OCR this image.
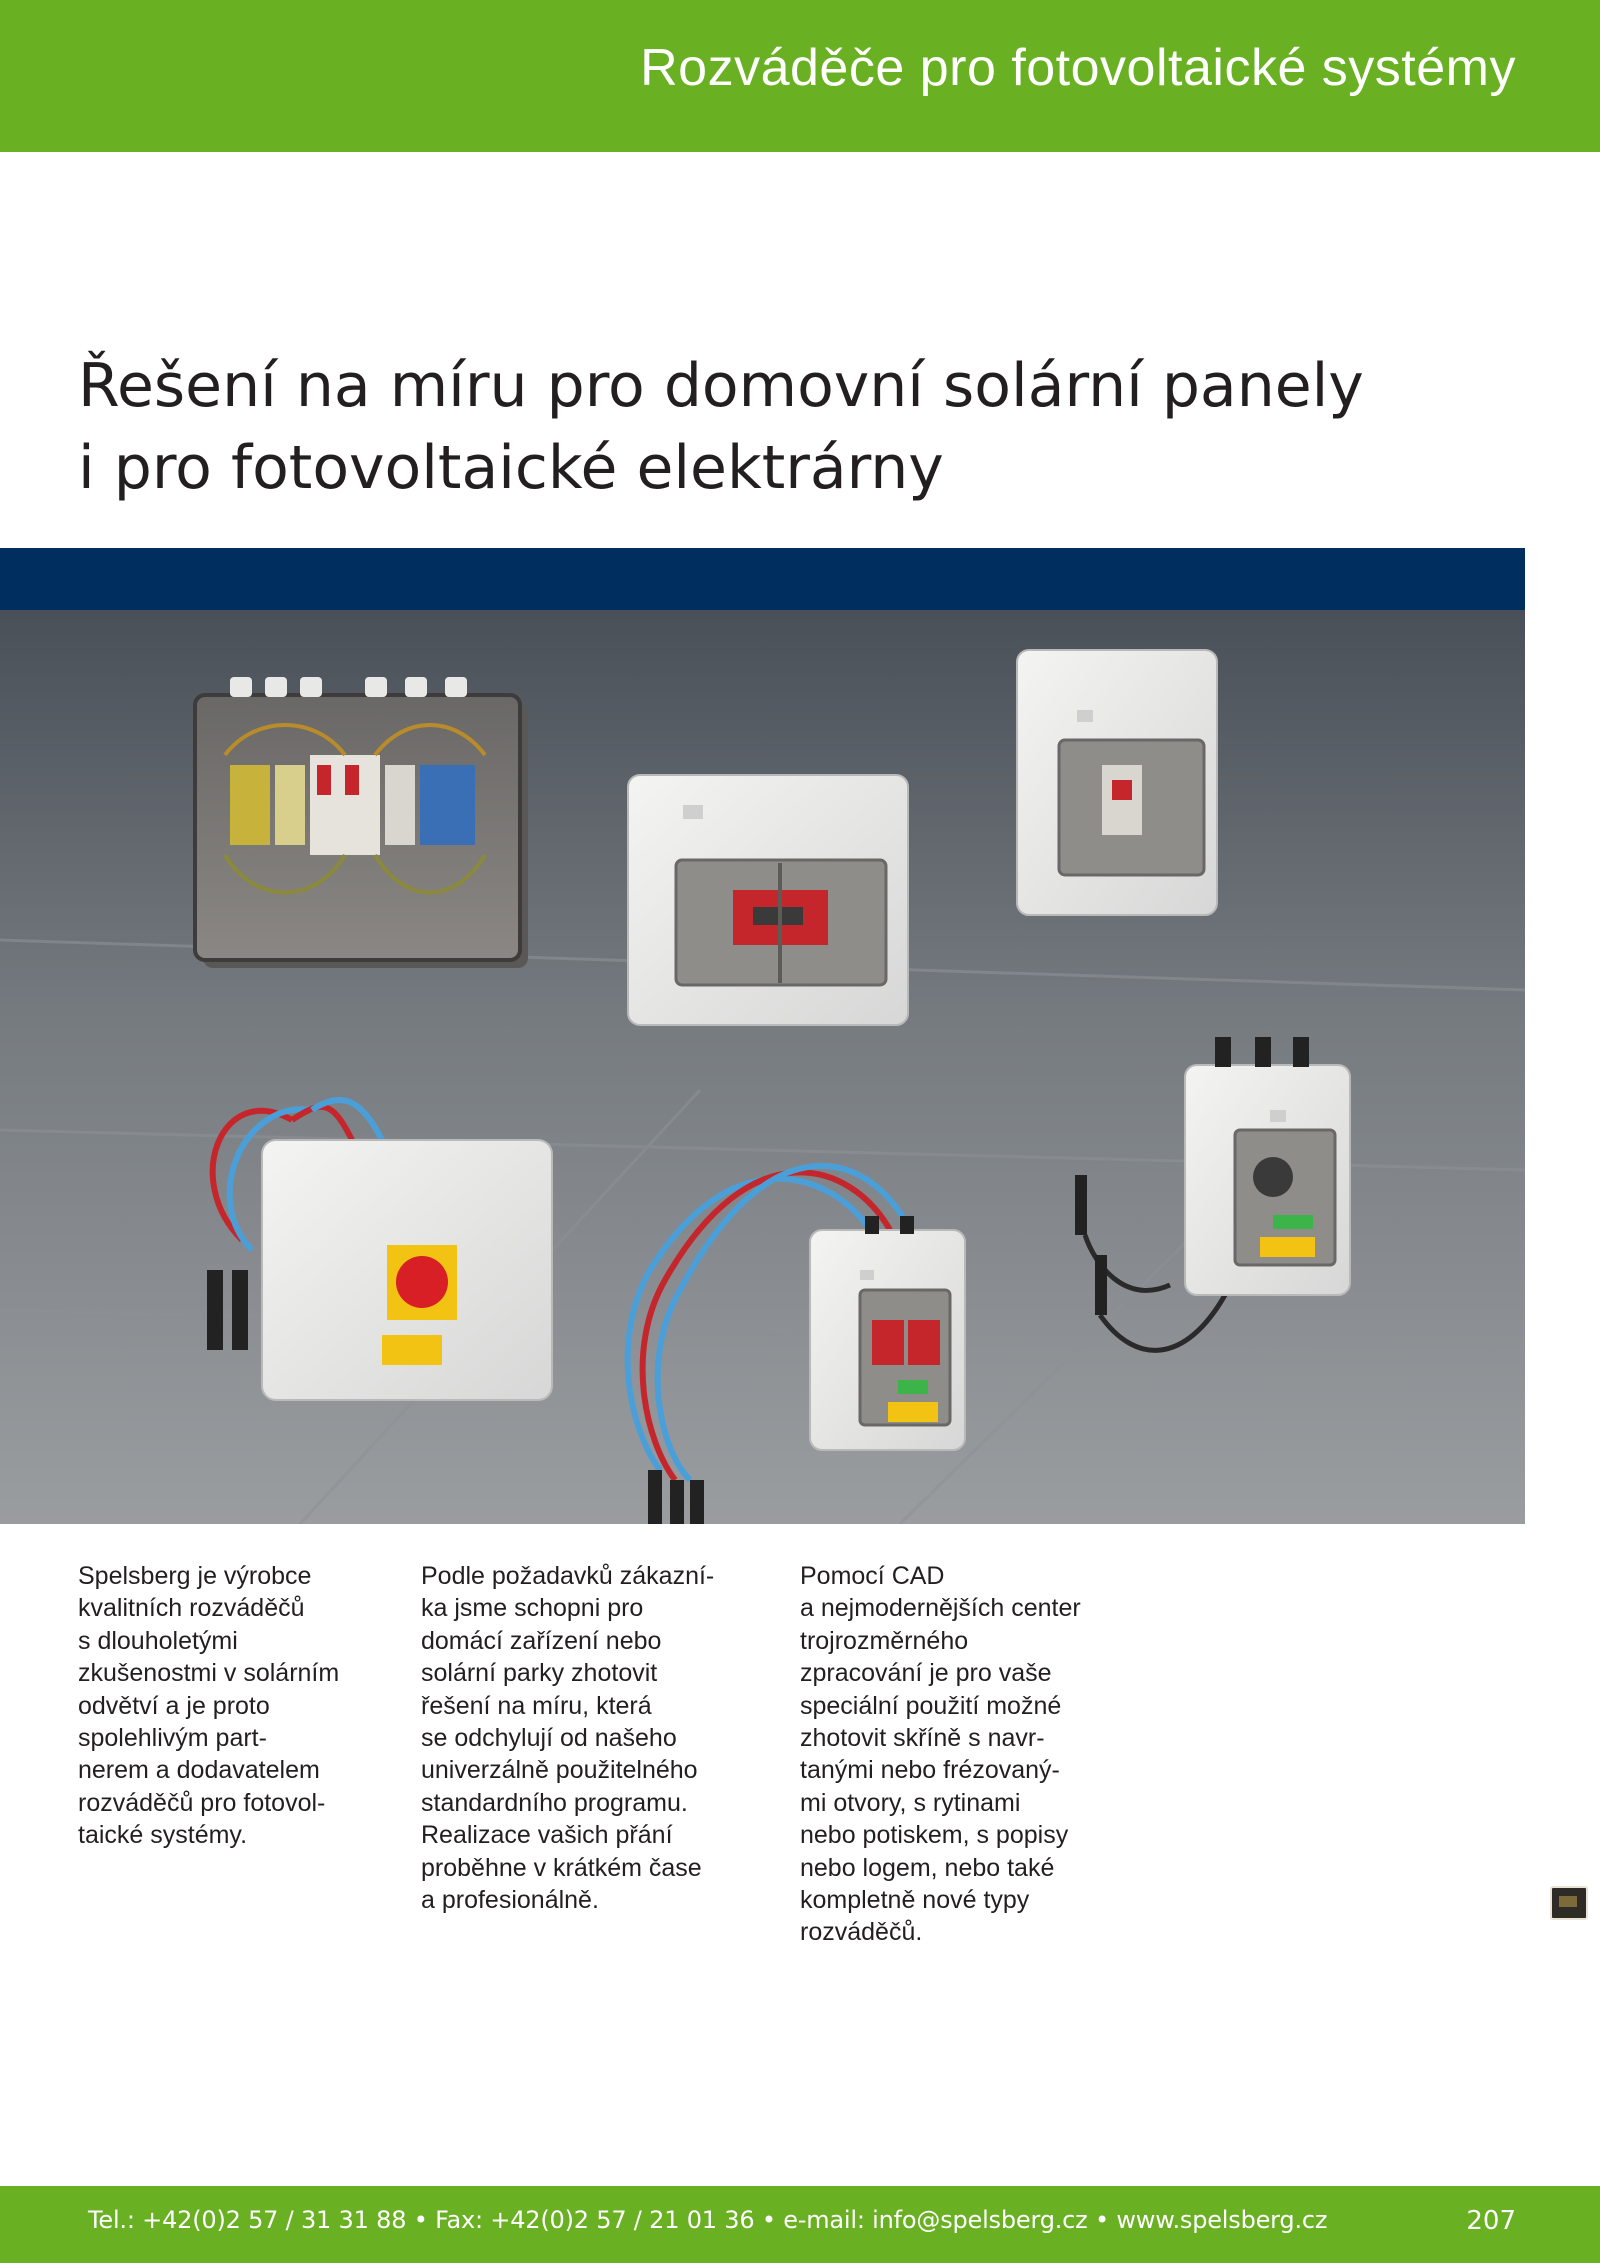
Rozváděče pro fotovoltaické systémy
Řešení na míru pro domovní solární panely
i pro fotovoltaické elektrárny
Spelsberg je výrobce
kvalitních rozváděčů
s dlouholetými
zkušenostmi v solárním
odvětví a je proto
spolehlivým part-
nerem a dodavatelem
rozváděčů pro fotovol-
taické systémy.
Podle požadavků zákazní-
ka jsme schopni pro
domácí zařízení nebo
solární parky zhotovit
řešení na míru, která
se odchylují od našeho
univerzálně použitelného
standardního programu.
Realizace vašich přání
proběhne v krátkém čase
a profesionálně.
Pomocí CAD
a nejmodernějších center
trojrozměrného
zpracování je pro vaše
speciální použití možné
zhotovit skříně s navr-
tanými nebo frézovaný-
mi otvory, s rytinami
nebo potiskem, s popisy
nebo logem, nebo také
kompletně nové typy
rozváděčů.
Tel.: +42(0)2 57 / 31 31 88 • Fax: +42(0)2 57 / 21 01 36 • e-mail: info@spelsberg.cz • www.spelsberg.cz	207
